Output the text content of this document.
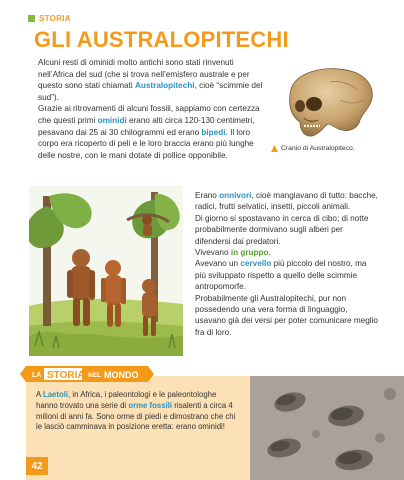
STORIA
GLI AUSTRALOPITECHI

Alcuni resti di ominidi molto antichi sono stati rinvenuti nell’Africa del sud (che si trova nell’emisfero australe e per questo sono stati chiamati Australopitechi, cioè “scimmie del sud”).

Grazie ai ritrovamenti di alcuni fossili, sappiamo con certezza che questi primi ominidi erano alti circa 120-130 centimetri, pesavano dai 25 ai 30 chilogrammi ed erano bipedi. Il loro corpo era ricoperto di peli e le loro braccia erano più lunghe delle nostre, con le mani dotate di pollice opponibile.

Cranio di Australopiteco.

Erano onnivori, cioè mangiavano di tutto: bacche, radici, frutti selvatici, insetti, piccoli animali.

Di giorno si spostavano in cerca di cibo; di notte probabilmente dormivano sugli alberi per difendersi dai predatori.

Vivevano in gruppo.

Avevano un cervello più piccolo del nostro, ma più sviluppato rispetto a quello delle scimmie antropomorfe.

Probabilmente gli Australopitechi, pur non possedendo una vera forma di linguaggio, usavano già dei versi per poter comunicare meglio fra di loro.

LA STORIA NEL MONDO

A Laetoli, in Africa, i paleontologi e le paleontologhe hanno trovato una serie di orme fossili risalenti a circa 4 milioni di anni fa. Sono orme di piedi e dimostrano che chi le lasciò camminava in posizione eretta: erano ominidi!

42
